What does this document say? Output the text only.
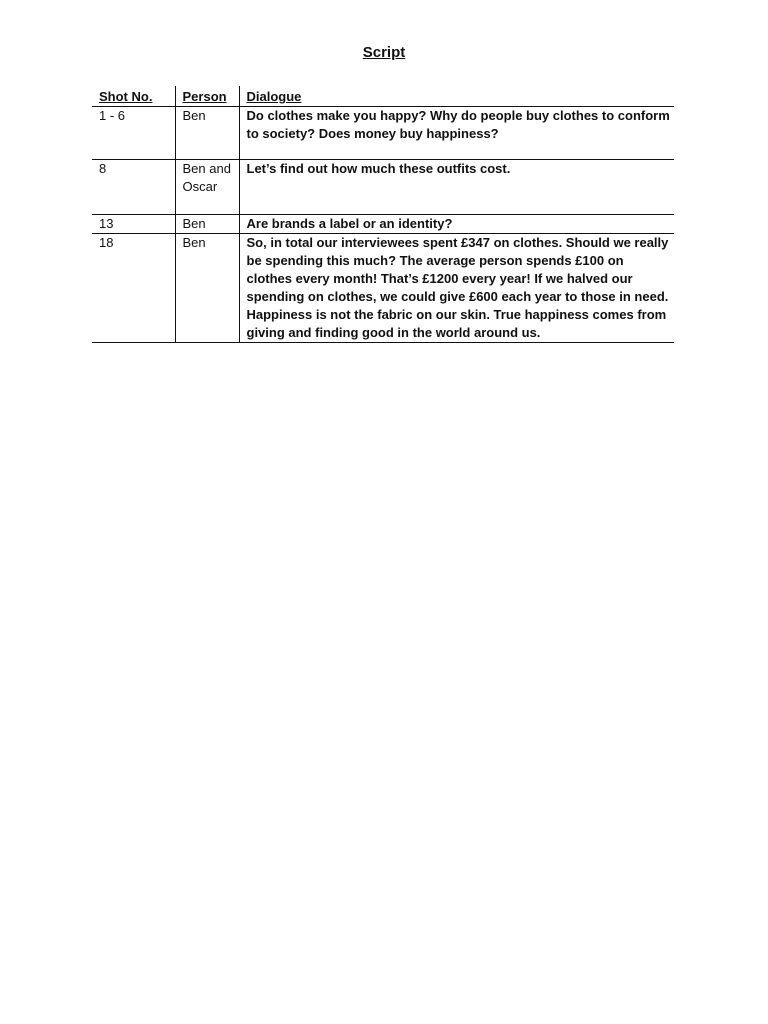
Script
Shot No.	Person	Dialogue
1 - 6	Ben	Do clothes make you happy? Why do people buy clothes to conform to society? Does money buy happiness?
8	Ben and Oscar	Let’s find out how much these outfits cost.
13	Ben	Are brands a label or an identity?
18	Ben	So, in total our interviewees spent £347 on clothes. Should we really be spending this much? The average person spends £100 on clothes every month! That’s £1200 every year! If we halved our spending on clothes, we could give £600 each year to those in need. Happiness is not the fabric on our skin. True happiness comes from giving and finding good in the world around us.
